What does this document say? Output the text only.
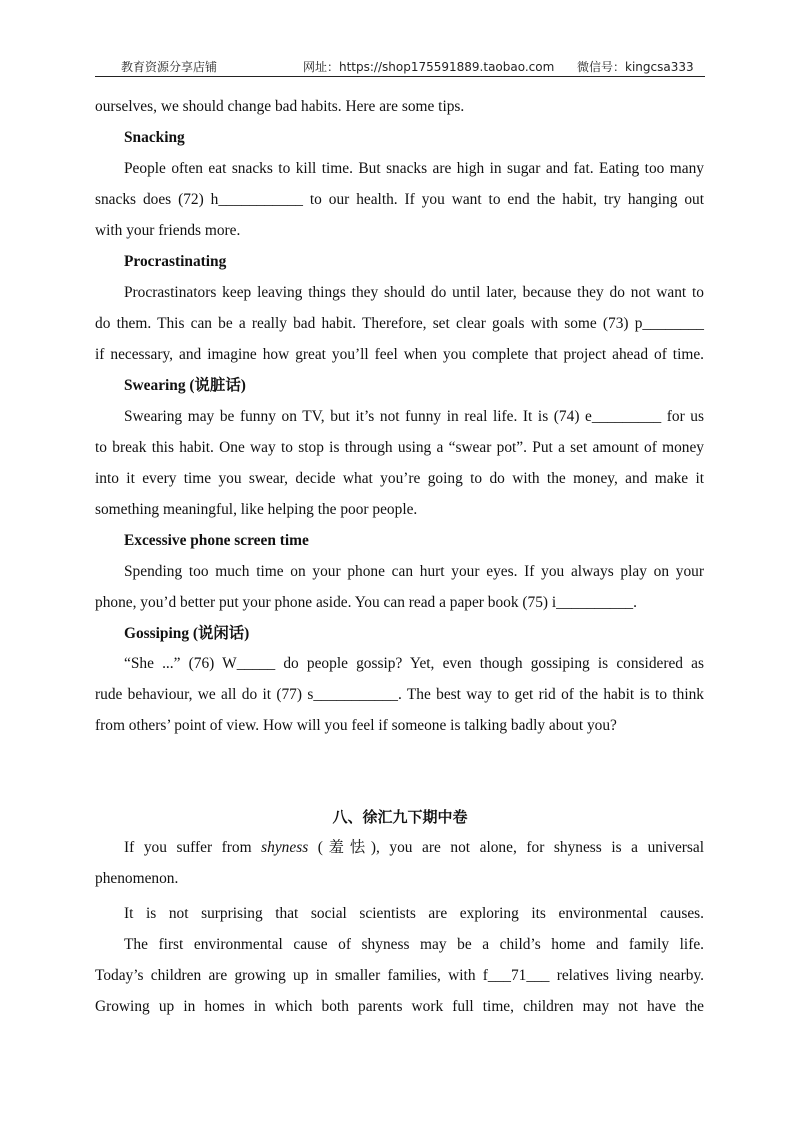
教育资源分享店铺	网址：https://shop175591889.taobao.com 微信号：kingcsa333
ourselves, we should change bad habits. Here are some tips.
Snacking
People often eat snacks to kill time. But snacks are high in sugar and fat. Eating too many
snacks does (72) h___________ to our health. If you want to end the habit, try hanging out
with your friends more.
Procrastinating
Procrastinators keep leaving things they should do until later, because they do not want to
do them. This can be a really bad habit. Therefore, set clear goals with some (73) p________
if necessary, and imagine how great you’ll feel when you complete that project ahead of time.
Swearing (说脏话)
Swearing may be funny on TV, but it’s not funny in real life. It is (74) e_________ for us
to break this habit. One way to stop is through using a “swear pot”. Put a set amount of money
into it every time you swear, decide what you’re going to do with the money, and make it
something meaningful, like helping the poor people.
Excessive phone screen time
Spending too much time on your phone can hurt your eyes. If you always play on your
phone, you’d better put your phone aside. You can read a paper book (75) i__________.
Gossiping (说闲话)
“She ...” (76) W_____ do people gossip? Yet, even though gossiping is considered as
rude behaviour, we all do it (77) s___________. The best way to get rid of the habit is to think
from others’ point of view. How will you feel if someone is talking badly about you?
八、徐汇九下期中卷
If you suffer from shyness (羞怯), you are not alone, for shyness is a universal
phenomenon.
It is not surprising that social scientists are exploring its environmental causes.
The first environmental cause of shyness may be a child’s home and family life.
Today’s children are growing up in smaller families, with f___71___ relatives living nearby.
Growing up in homes in which both parents work full time, children may not have the
